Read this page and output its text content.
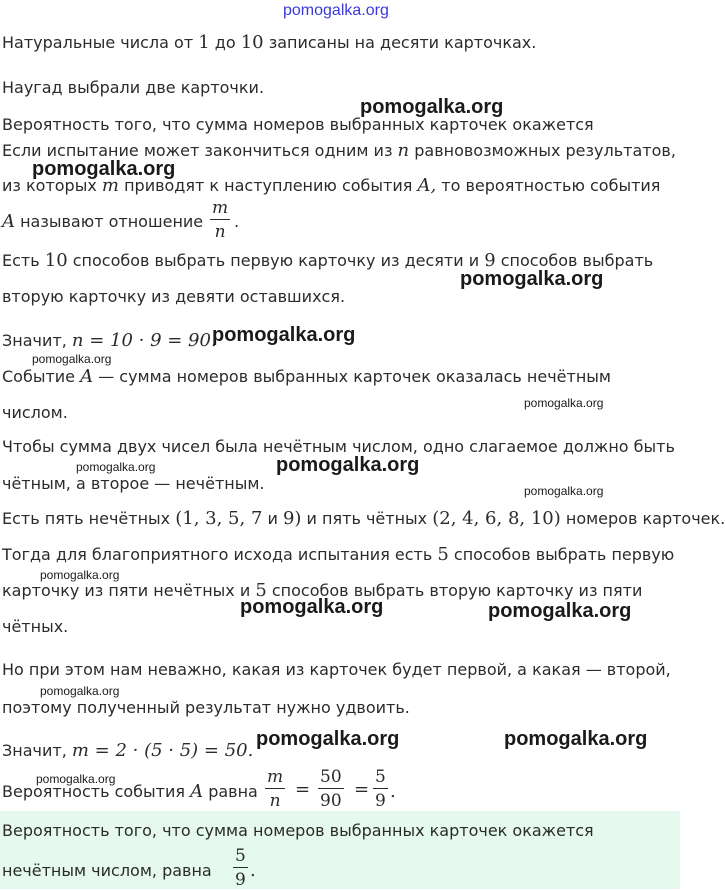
pomogalka.org
Натуральные числа от 1 до 10 записаны на десяти карточках.
Наугад выбрали две карточки.
Вероятность того, что сумма номеров выбранных карточек окажется
Если испытание может закончиться одним из n равновозможных результатов,
из которых m приводят к наступлению события A, то вероятностью события
A называют отношение
m
n
.
Есть 10 способов выбрать первую карточку из десяти и 9 способов выбрать
вторую карточку из девяти оставшихся.
Значит, n = 10 · 9 = 90.
Событие A — сумма номеров выбранных карточек оказалась нечётным
числом.
Чтобы сумма двух чисел была нечётным числом, одно слагаемое должно быть
чётным, а второе — нечётным.
Есть пять нечётных (1, 3, 5, 7 и 9) и пять чётных (2, 4, 6, 8, 10) номеров карточек.
Тогда для благоприятного исхода испытания есть 5 способов выбрать первую
карточку из пяти нечётных и 5 способов выбрать вторую карточку из пяти
чётных.
Но при этом нам неважно, какая из карточек будет первой, а какая — второй,
поэтому полученный результат нужно удвоить.
Значит, m = 2 · (5 · 5) = 50.
Вероятность события A равна
m
n
=
50
90
=
5
9 .
Вероятность того, что сумма номеров выбранных карточек окажется
нечётным числом, равна
5
9 .
pomogalka.org
pomogalka.org
pomogalka.org
pomogalka.org
pomogalka.org
pomogalka.org
pomogalka.org	pomogalka.org
pomogalka.org
pomogalka.org
pomogalka.org	pomogalka.org
pomogalka.org
pomogalka.org	pomogalka.org
pomogalka.org
